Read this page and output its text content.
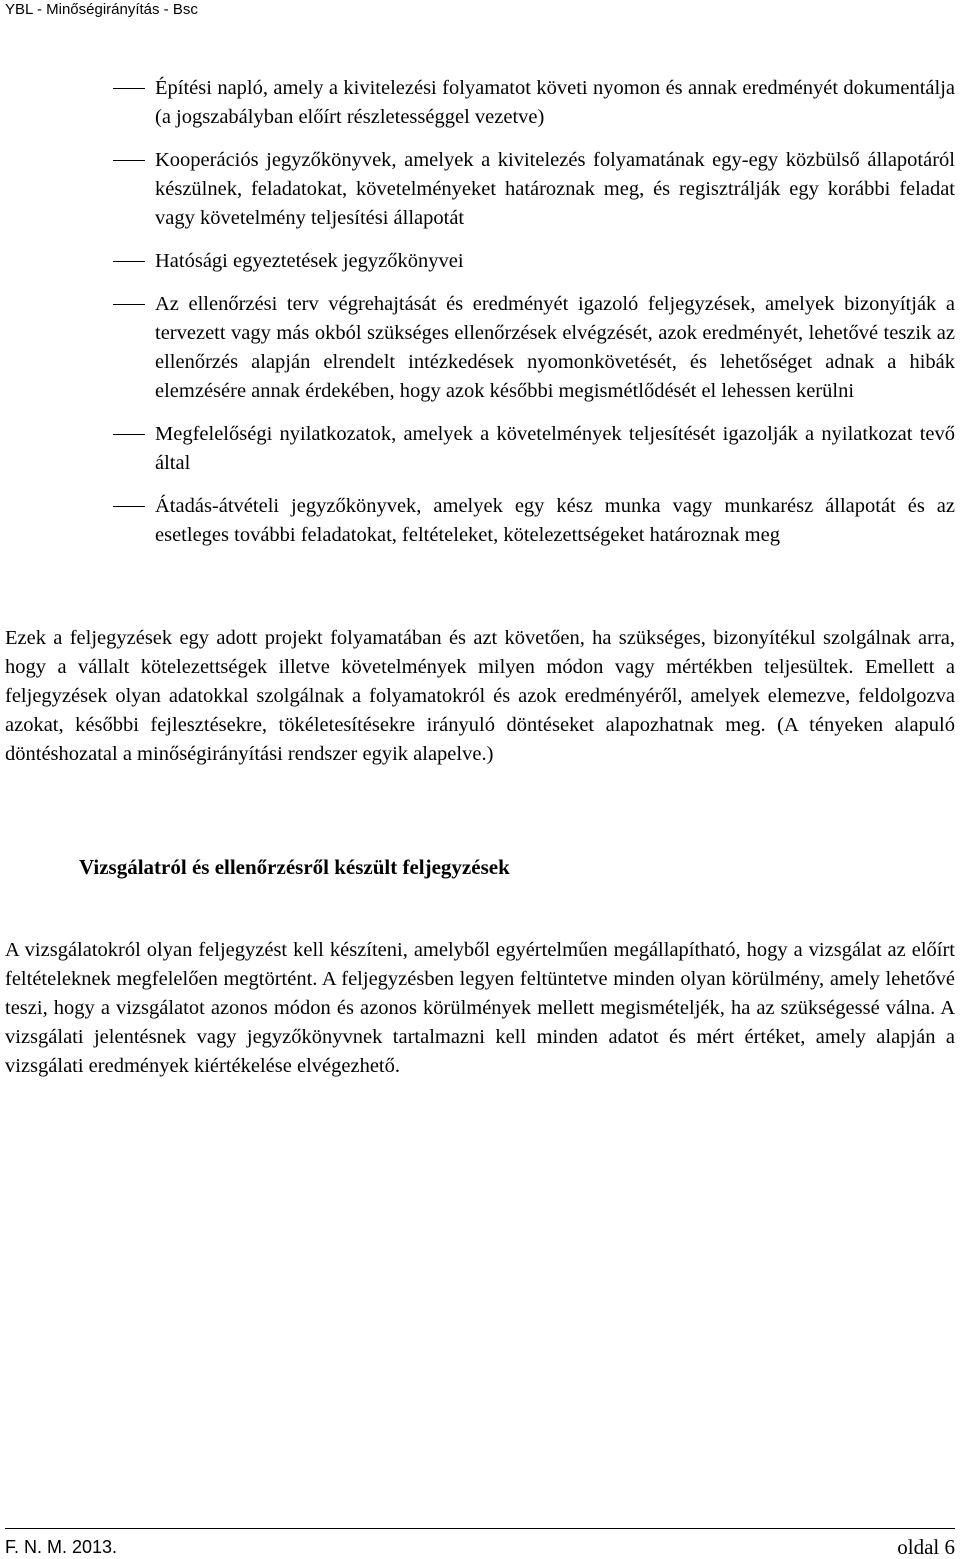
YBL - Minőségirányítás - Bsc
Építési napló, amely a kivitelezési folyamatot követi nyomon és annak eredményét dokumentálja (a jogszabályban előírt részletességgel vezetve)
Kooperációs jegyzőkönyvek, amelyek a kivitelezés folyamatának egy-egy közbülső állapotáról készülnek, feladatokat, követelményeket határoznak meg, és regisztrálják egy korábbi feladat vagy követelmény teljesítési állapotát
Hatósági egyeztetések jegyzőkönyvei
Az ellenőrzési terv végrehajtását és eredményét igazoló feljegyzések, amelyek bizonyítják a tervezett vagy más okból szükséges ellenőrzések elvégzését, azok eredményét, lehetővé teszik az ellenőrzés alapján elrendelt intézkedések nyomonkövetését, és lehetőséget adnak a hibák elemzésére annak érdekében, hogy azok későbbi megismétlődését el lehessen kerülni
Megfelelőségi nyilatkozatok, amelyek a követelmények teljesítését igazolják a nyilatkozat tevő által
Átadás-átvételi jegyzőkönyvek, amelyek egy kész munka vagy munkarész állapotát és az esetleges további feladatokat, feltételeket, kötelezettségeket határoznak meg

Ezek a feljegyzések egy adott projekt folyamatában és azt követően, ha szükséges, bizonyítékul szolgálnak arra, hogy a vállalt kötelezettségek illetve követelmények milyen módon vagy mértékben teljesültek. Emellett a feljegyzések olyan adatokkal szolgálnak a folyamatokról és azok eredményéről, amelyek elemezve, feldolgozva azokat, későbbi fejlesztésekre, tökéletesítésekre irányuló döntéseket alapozhatnak meg. (A tényeken alapuló döntéshozatal a minőségirányítási rendszer egyik alapelve.)

Vizsgálatról és ellenőrzésről készült feljegyzések

A vizsgálatokról olyan feljegyzést kell készíteni, amelyből egyértelműen megállapítható, hogy a vizsgálat az előírt feltételeknek megfelelően megtörtént. A feljegyzésben legyen feltüntetve minden olyan körülmény, amely lehetővé teszi, hogy a vizsgálatot azonos módon és azonos körülmények mellett megismételjék, ha az szükségessé válna. A vizsgálati jelentésnek vagy jegyzőkönyvnek tartalmazni kell minden adatot és mért értéket, amely alapján a vizsgálati eredmények kiértékelése elvégezhető.

F. N. M. 2013.	oldal 6
